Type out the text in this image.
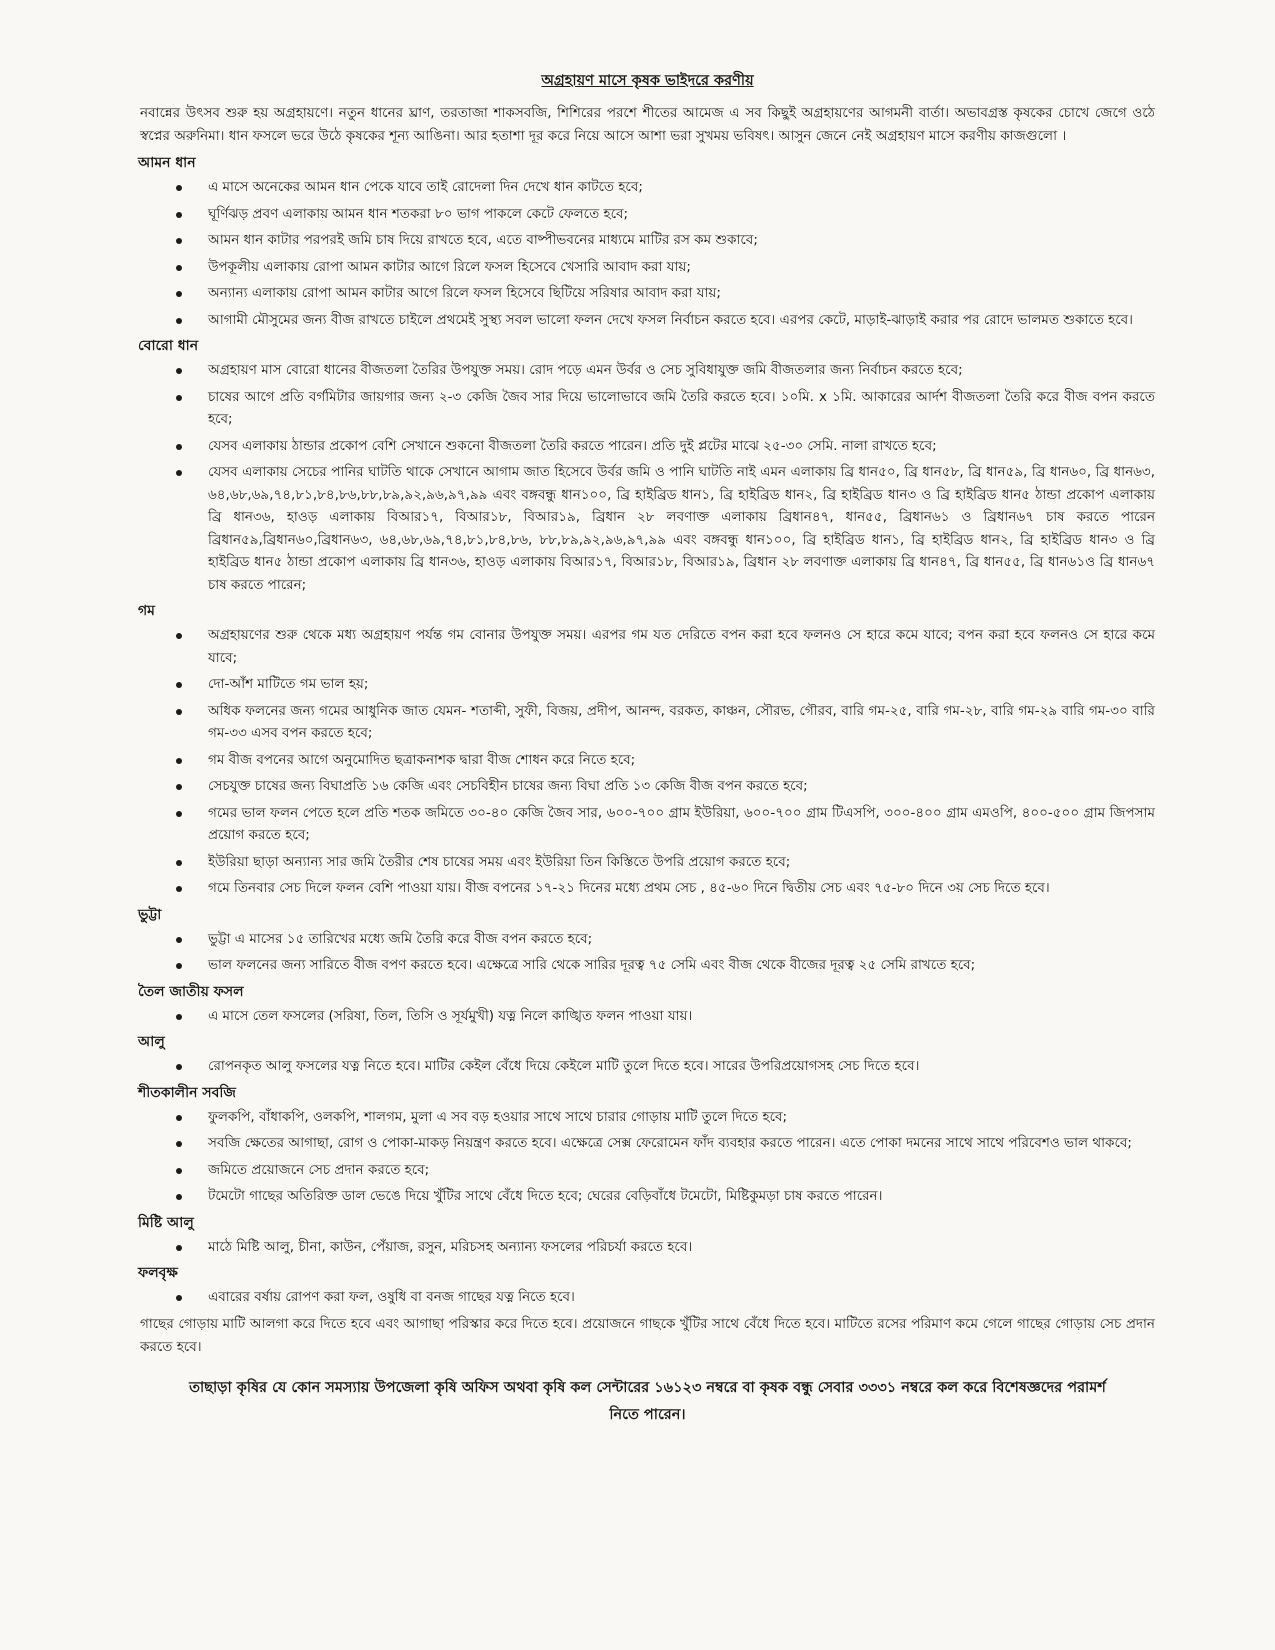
অগ্রহায়ণ মাসে কৃষক ভাইদরে করণীয়

নবান্নের উৎসব শুরু হয় অগ্রহায়ণে। নতুন ধানের ঘ্রাণ, তরতাজা শাকসবজি, শিশিরের পরশে শীতের আমেজ এ সব কিছুই অগ্রহায়ণের আগমনী বার্তা। অভাবগ্রস্ত কৃষকের চোখে জেগে ওঠে স্বপ্নের অরুনিমা। ধান ফসলে ভরে উঠে কৃষকের শূন্য আঙিনা। আর হতাশা দূর করে নিয়ে আসে আশা ভরা সুখময় ভবিষৎ। আসুন জেনে নেই অগ্রহায়ণ মাসে করণীয় কাজগুলো ।

আমন ধান
এ মাসে অনেকের আমন ধান পেকে যাবে তাই রোদেলা দিন দেখে ধান কাটতে হবে;
ঘূর্ণিঝড় প্রবণ এলাকায় আমন ধান শতকরা ৮০ ভাগ পাকলে কেটে ফেলতে হবে;
আমন ধান কাটার পরপরই জমি চাষ দিয়ে রাখতে হবে, এতে বাষ্পীভবনের মাধ্যমে মাটির রস কম শুকাবে;
উপকূলীয় এলাকায় রোপা আমন কাটার আগে রিলে ফসল হিসেবে খেসারি আবাদ করা যায়;
অন্যান্য এলাকায় রোপা আমন কাটার আগে রিলে ফসল হিসেবে ছিটিয়ে সরিষার আবাদ করা যায়;
আগামী মৌসুমের জন্য বীজ রাখতে চাইলে প্রথমেই সুস্থ্য সবল ভালো ফলন দেখে ফসল নির্বাচন করতে হবে। এরপর কেটে, মাড়াই-ঝাড়াই করার পর রোদে ভালমত শুকাতে হবে।
বোরো ধান
অগ্রহায়ণ মাস বোরো ধানের বীজতলা তৈরির উপযুক্ত সময়। রোদ পড়ে এমন উর্বর ও সেচ সুবিধাযুক্ত জমি বীজতলার জন্য নির্বাচন করতে হবে;
চাষের আগে প্রতি বর্গমিটার জায়গার জন্য ২-৩ কেজি জৈব সার দিয়ে ভালোভাবে জমি তৈরি করতে হবে। ১০মি. x ১মি. আকারের আর্দশ বীজতলা তৈরি করে বীজ বপন করতে হবে;
যেসব এলাকায় ঠান্ডার প্রকোপ বেশি সেখানে শুকনো বীজতলা তৈরি করতে পারেন। প্রতি দুই প্লটের মাঝে ২৫-৩০ সেমি. নালা রাখতে হবে;
যেসব এলাকায় সেচের পানির ঘাটতি থাকে সেখানে আগাম জাত হিসেবে উর্বর জমি ও পানি ঘাটতি নাই এমন এলাকায় ব্রি ধান৫০, ব্রি ধান৫৮, ব্রি ধান৫৯, ব্রি ধান৬০, ব্রি ধান৬৩, ৬৪,৬৮,৬৯,৭৪,৮১,৮৪,৮৬,৮৮,৮৯,৯২,৯৬,৯৭,৯৯ এবং বঙ্গবন্ধু ধান১০০, ব্রি হাইব্রিড ধান১, ব্রি হাইব্রিড ধান২, ব্রি হাইব্রিড ধান৩ ও ব্রি হাইব্রিড ধান৫ ঠান্ডা প্রকোপ এলাকায় ব্রি ধান৩৬, হাওড় এলাকায় বিআর১৭, বিআর১৮, বিআর১৯, ব্রিধান ২৮ লবণাক্ত এলাকায় ব্রিধান৪৭, ধান৫৫, ব্রিধান৬১ ও ব্রিধান৬৭ চাষ করতে পারেন ব্রিধান৫৯,ব্রিধান৬০,ব্রিধান৬৩, ৬৪,৬৮,৬৯,৭৪,৮১,৮৪,৮৬, ৮৮,৮৯,৯২,৯৬,৯৭,৯৯ এবং বঙ্গবন্ধু ধান১০০, ব্রি হাইব্রিড ধান১, ব্রি হাইব্রিড ধান২, ব্রি হাইব্রিড ধান৩ ও ব্রি হাইব্রিড ধান৫ ঠান্ডা প্রকোপ এলাকায় ব্রি ধান৩৬, হাওড় এলাকায় বিআর১৭, বিআর১৮, বিআর১৯, ব্রিধান ২৮ লবণাক্ত এলাকায় ব্রি ধান৪৭, ব্রি ধান৫৫, ব্রি ধান৬১ও ব্রি ধান৬৭ চাষ করতে পারেন;
গম
অগ্রহায়ণের শুরু থেকে মধ্য অগ্রহায়ণ পর্যন্ত গম বোনার উপযুক্ত সময়। এরপর গম যত দেরিতে বপন করা হবে ফলনও সে হারে কমে যাবে; বপন করা হবে ফলনও সে হারে কমে যাবে;
দো-আঁশ মাটিতে গম ভাল হয়;
অধিক ফলনের জন্য গমের আধুনিক জাত যেমন- শতাব্দী, সুফী, বিজয়, প্রদীপ, আনন্দ, বরকত, কাঞ্চন, সৌরভ, গৌরব, বারি গম-২৫, বারি গম-২৮, বারি গম-২৯ বারি গম-৩০ বারি গম-৩৩ এসব বপন করতে হবে;
গম বীজ বপনের আগে অনুমোদিত ছত্রাকনাশক দ্বারা বীজ শোধন করে নিতে হবে;
সেচযুক্ত চাষের জন্য বিঘাপ্রতি ১৬ কেজি এবং সেচবিহীন চাষের জন্য বিঘা প্রতি ১৩ কেজি বীজ বপন করতে হবে;
গমের ভাল ফলন পেতে হলে প্রতি শতক জমিতে ৩০-৪০ কেজি জৈব সার, ৬০০-৭০০ গ্রাম ইউরিয়া, ৬০০-৭০০ গ্রাম টিএসপি, ৩০০-৪০০ গ্রাম এমওপি, ৪০০-৫০০ গ্রাম জিপসাম প্রয়োগ করতে হবে;
ইউরিয়া ছাড়া অন্যান্য সার জমি তৈরীর শেষ চাষের সময় এবং ইউরিয়া তিন কিস্তিতে উপরি প্রয়োগ করতে হবে;
গমে তিনবার সেচ দিলে ফলন বেশি পাওয়া যায়। বীজ বপনের ১৭-২১ দিনের মধ্যে প্রথম সেচ , ৪৫-৬০ দিনে দ্বিতীয় সেচ এবং ৭৫-৮০ দিনে ৩য় সেচ দিতে হবে।
ভুট্টা
ভুট্টা এ মাসের ১৫ তারিখের মধ্যে জমি তৈরি করে বীজ বপন করতে হবে;
ভাল ফলনের জন্য সারিতে বীজ বপণ করতে হবে। এক্ষেত্রে সারি থেকে সারির দূরত্ব ৭৫ সেমি এবং বীজ থেকে বীজের দূরত্ব ২৫ সেমি রাখতে হবে;
তৈল জাতীয় ফসল
এ মাসে তেল ফসলের (সরিষা, তিল, তিসি ও সূর্যমুখী) যত্ন নিলে কাঙ্খিত ফলন পাওয়া যায়।
আলু
রোপনকৃত আলু ফসলের যত্ন নিতে হবে। মাটির কেইল বেঁধে দিয়ে কেইলে মাটি তুলে দিতে হবে। সারের উপরিপ্রয়োগসহ সেচ দিতে হবে।
শীতকালীন সবজি
ফুলকপি, বাঁধাকপি, ওলকপি, শালগম, মুলা এ সব বড় হওয়ার সাথে সাথে চারার গোড়ায় মাটি তুলে দিতে হবে;
সবজি ক্ষেতের আগাছা, রোগ ও পোকা-মাকড় নিয়ন্ত্রণ করতে হবে। এক্ষেত্রে সেক্স ফেরোমেন ফাঁদ ব্যবহার করতে পারেন। এতে পোকা দমনের সাথে সাথে পরিবেশও ভাল থাকবে;
জমিতে প্রয়োজনে সেচ প্রদান করতে হবে;
টমেটো গাছের অতিরিক্ত ডাল ভেঙে দিয়ে খুঁটির সাথে বেঁধে দিতে হবে; ঘেরের বেড়িবাঁধে টমেটো, মিষ্টিকুমড়া চাষ করতে পারেন।
মিষ্টি আলু
মাঠে মিষ্টি আলু, চীনা, কাউন, পেঁয়াজ, রসুন, মরিচসহ অন্যান্য ফসলের পরিচর্যা করতে হবে।
ফলবৃক্ষ
এবারের বর্ষায় রোপণ করা ফল, ওষুধি বা বনজ গাছের যত্ন নিতে হবে।

গাছের গোড়ায় মাটি আলগা করে দিতে হবে এবং আগাছা পরিস্কার করে দিতে হবে। প্রয়োজনে গাছকে খুঁটির সাথে বেঁধে দিতে হবে। মাটিতে রসের পরিমাণ কমে গেলে গাছের গোড়ায় সেচ প্রদান করতে হবে।

তাছাড়া কৃষির যে কোন সমস্যায় উপজেলা কৃষি অফিস অথবা কৃষি কল সেন্টারের ১৬১২৩ নম্বরে বা কৃষক বন্ধু সেবার ৩৩৩১ নম্বরে কল করে বিশেষজ্ঞদের পরামর্শ নিতে পারেন।
